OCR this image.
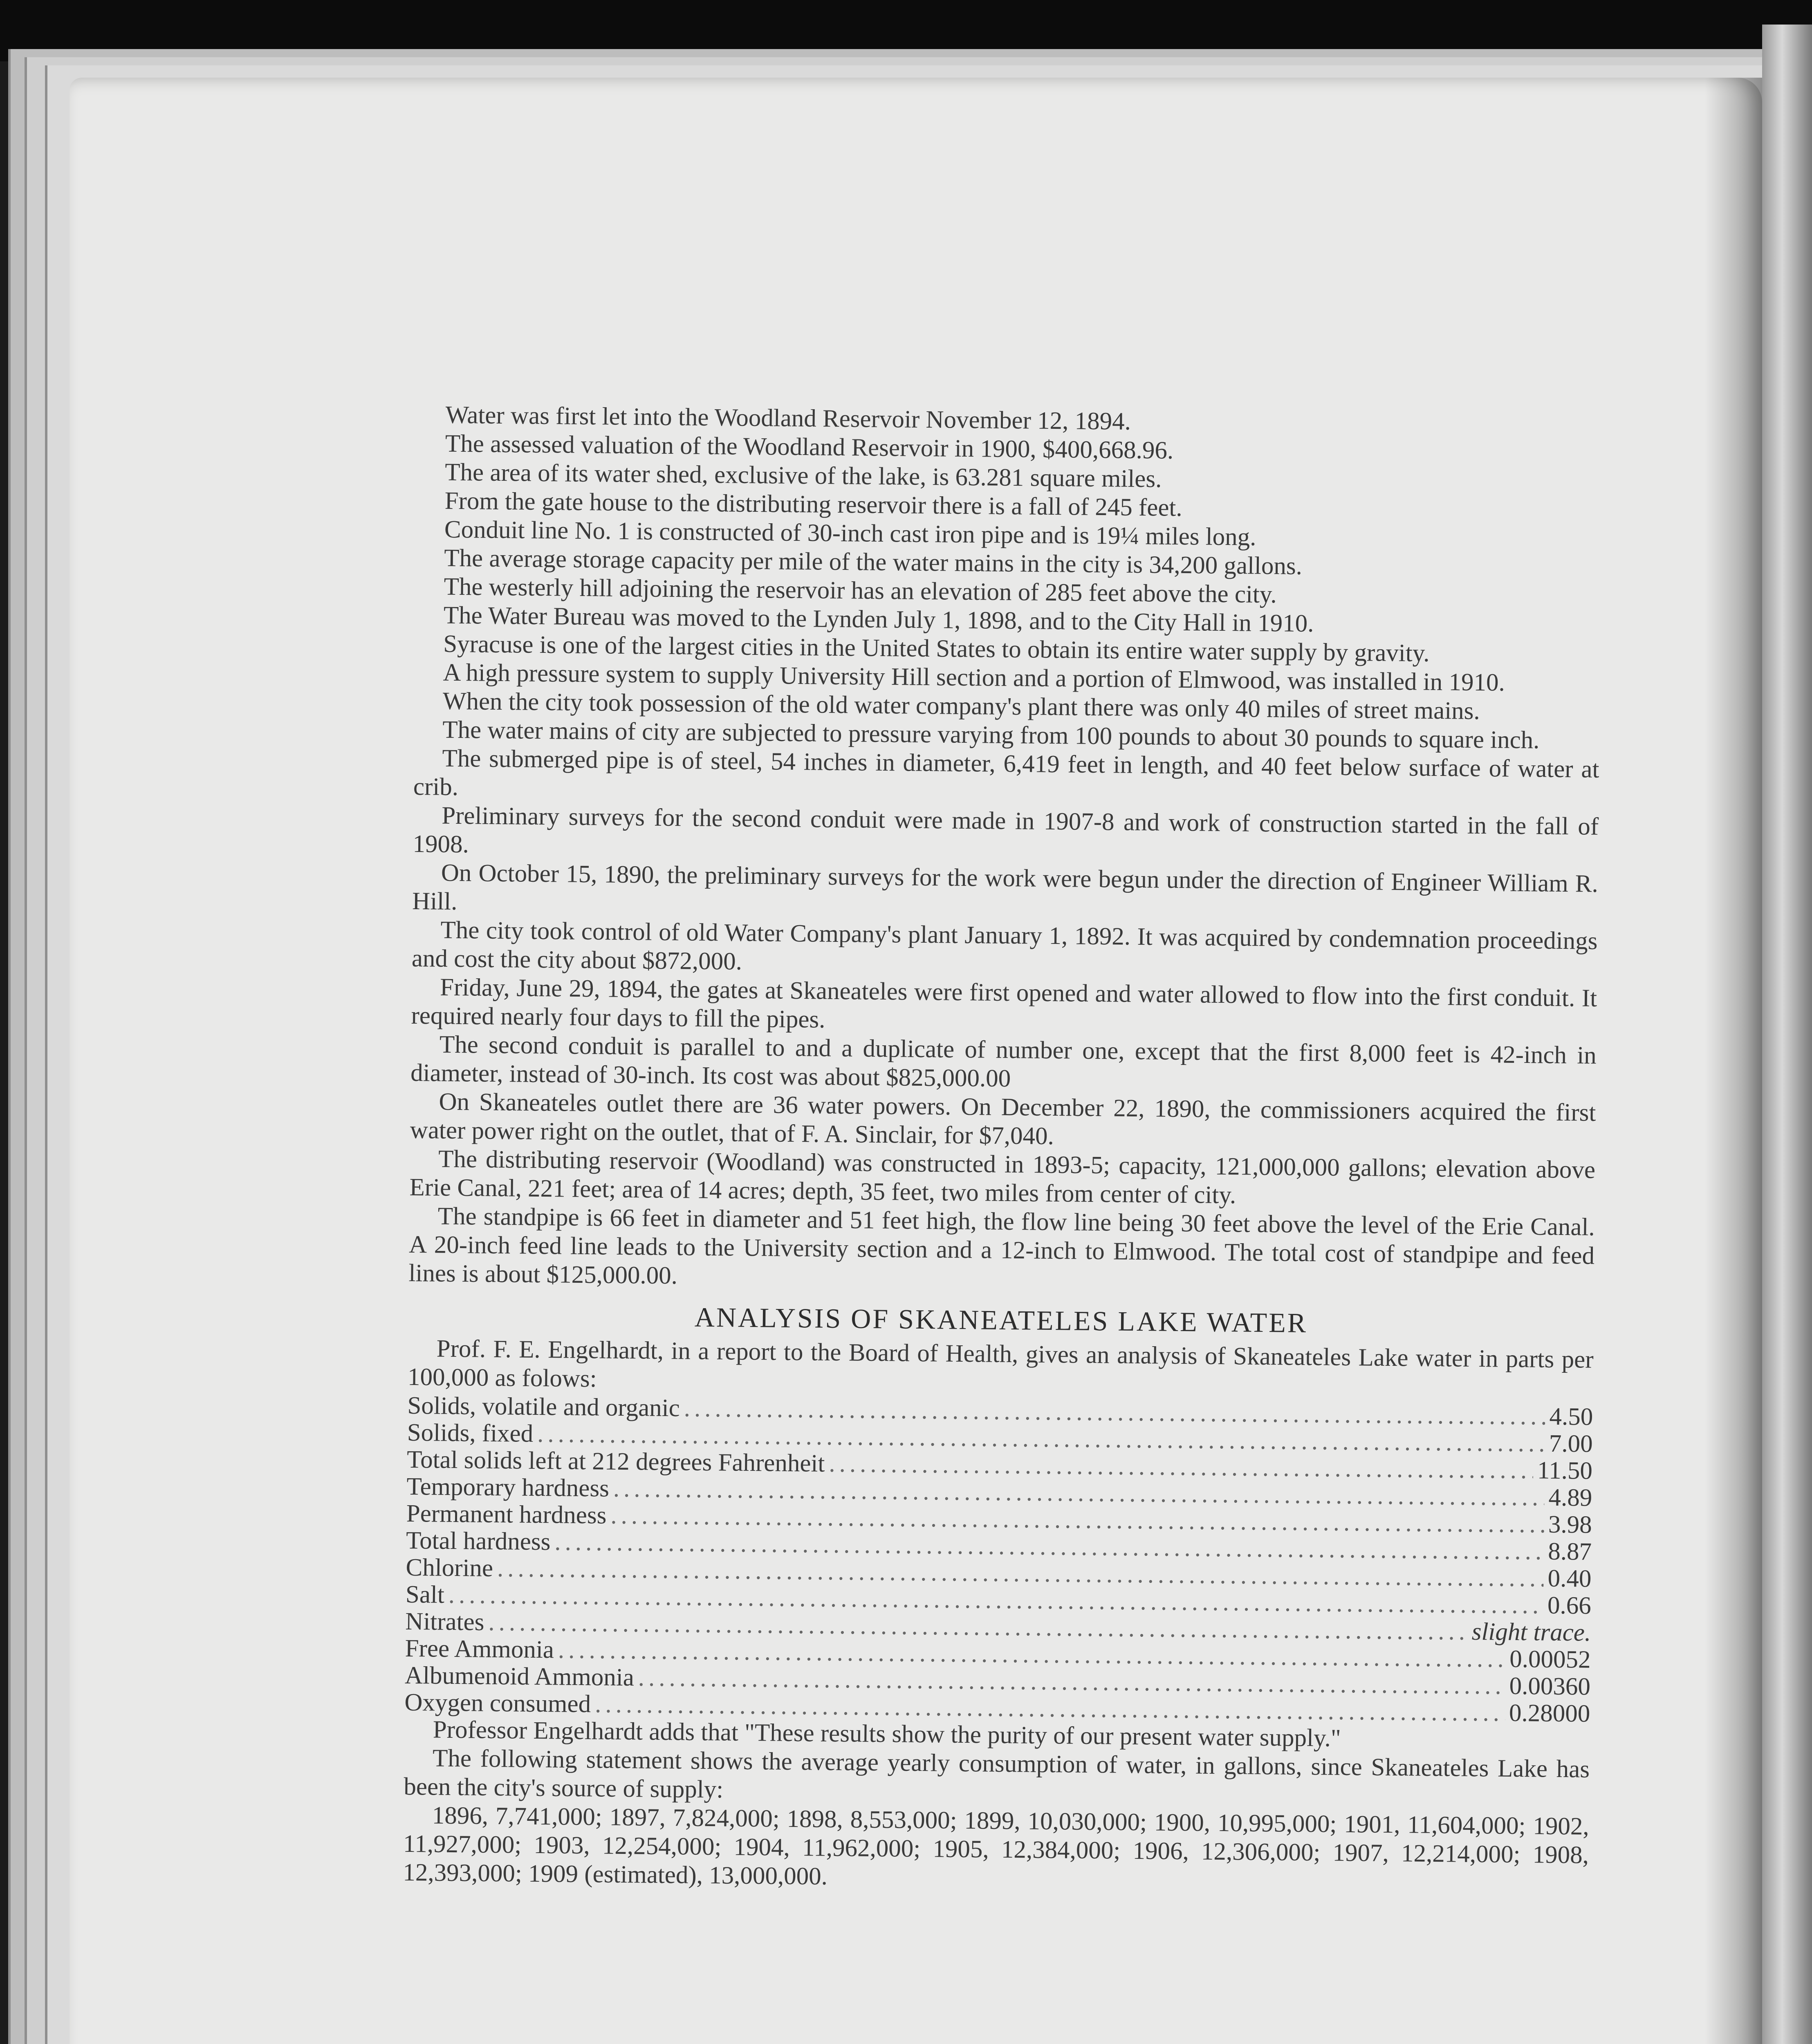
Water was first let into the Woodland Reservoir November 12, 1894.

The assessed valuation of the Woodland Reservoir in 1900, $400,668.96.

The area of its water shed, exclusive of the lake, is 63.281 square miles.

From the gate house to the distributing reservoir there is a fall of 245 feet.

Conduit line No. 1 is constructed of 30-inch cast iron pipe and is 19¼ miles long.

The average storage capacity per mile of the water mains in the city is 34,200 gallons.

The westerly hill adjoining the reservoir has an elevation of 285 feet above the city.

The Water Bureau was moved to the Lynden July 1, 1898, and to the City Hall in 1910.

Syracuse is one of the largest cities in the United States to obtain its entire water supply by gravity.

A high pressure system to supply University Hill section and a portion of Elmwood, was installed in 1910.

When the city took possession of the old water company's plant there was only 40 miles of street mains.

The water mains of city are subjected to pressure varying from 100 pounds to about 30 pounds to square inch.

The submerged pipe is of steel, 54 inches in diameter, 6,419 feet in length, and 40 feet below surface of water at crib.

Preliminary surveys for the second conduit were made in 1907-8 and work of construction started in the fall of 1908.

On October 15, 1890, the preliminary surveys for the work were begun under the direction of Engineer William R. Hill.

The city took control of old Water Company's plant January 1, 1892. It was acquired by condemnation proceedings and cost the city about $872,000.

Friday, June 29, 1894, the gates at Skaneateles were first opened and water allowed to flow into the first conduit. It required nearly four days to fill the pipes.

The second conduit is parallel to and a duplicate of number one, except that the first 8,000 feet is 42-inch in diameter, instead of 30-inch. Its cost was about $825,000.00

On Skaneateles outlet there are 36 water powers. On December 22, 1890, the commissioners acquired the first water power right on the outlet, that of F. A. Sinclair, for $7,040.

The distributing reservoir (Woodland) was constructed in 1893-5; capacity, 121,000,000 gallons; elevation above Erie Canal, 221 feet; area of 14 acres; depth, 35 feet, two miles from center of city.

The standpipe is 66 feet in diameter and 51 feet high, the flow line being 30 feet above the level of the Erie Canal. A 20-inch feed line leads to the University section and a 12-inch to Elmwood. The total cost of standpipe and feed lines is about $125,000.00.

ANALYSIS OF SKANEATELES LAKE WATER

Prof. F. E. Engelhardt, in a report to the Board of Health, gives an analysis of Skaneateles Lake water in parts per 100,000 as folows:

Solids, volatile and organic .....	4.50
Solids, fixed .....	7.00
Total solids left at 212 degrees Fahrenheit .....	11.50
Temporary hardness .....	4.89
Permanent hardness .....	3.98
Total hardness .....	8.87
Chlorine .....	0.40
Salt .....	0.66
Nitrates .....	slight trace.
Free Ammonia .....	0.00052
Albumenoid Ammonia .....	0.00360
Oxygen consumed .....	0.28000

Professor Engelhardt adds that "These results show the purity of our present water supply."

The following statement shows the average yearly consumption of water, in gallons, since Skaneateles Lake has been the city's source of supply:

1896, 7,741,000; 1897, 7,824,000; 1898, 8,553,000; 1899, 10,030,000; 1900, 10,995,000; 1901, 11,604,000; 1902, 11,927,000; 1903, 12,254,000; 1904, 11,962,000; 1905, 12,384,000; 1906, 12,306,000; 1907, 12,214,000; 1908, 12,393,000; 1909 (estimated), 13,000,000.
